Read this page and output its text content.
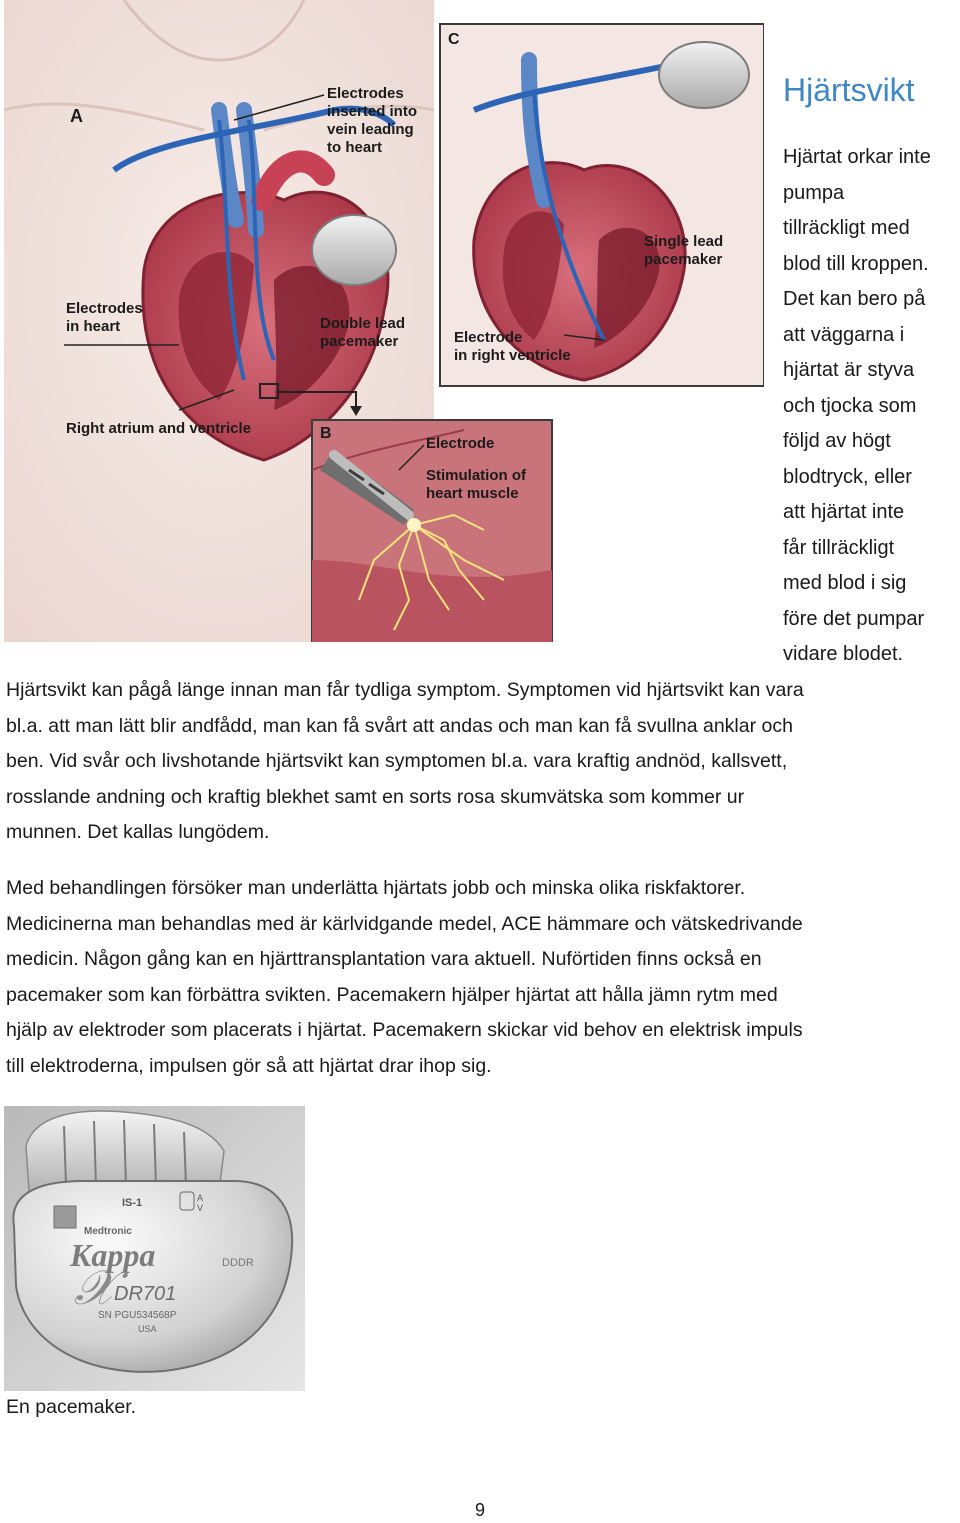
A
B
C
Electrodes
inserted into
vein leading
to heart
Electrodes
in heart	Double lead
pacemaker
Right atrium and ventricle
Single lead
pacemaker
Electrode
in right ventricle
Electrode
Stimulation of
heart muscle
Hjärtsvikt
Hjärtat orkar inte
pumpa
tillräckligt med
blod till kroppen.
Det kan bero på
att väggarna i
hjärtat är styva
och tjocka som
följd av högt
blodtryck, eller
att hjärtat inte
får tillräckligt
med blod i sig
före det pumpar
vidare blodet.

Hjärtsvikt kan pågå länge innan man får tydliga symptom. Symptomen vid hjärtsvikt kan vara
bl.a. att man lätt blir andfådd, man kan få svårt att andas och man kan få svullna anklar och
ben. Vid svår och livshotande hjärtsvikt kan symptomen bl.a. vara kraftig andnöd, kallsvett,
rosslande andning och kraftig blekhet samt en sorts rosa skumvätska som kommer ur
munnen. Det kallas lungödem.

Med behandlingen försöker man underlätta hjärtats jobb och minska olika riskfaktorer.
Medicinerna man behandlas med är kärlvidgande medel, ACE hämmare och vätskedrivande
medicin. Någon gång kan en hjärttransplantation vara aktuell. Nuförtiden finns också en
pacemaker som kan förbättra svikten. Pacemakern hjälper hjärtat att hålla jämn rytm med
hjälp av elektroder som placerats i hjärtat. Pacemakern skickar vid behov en elektrisk impuls
till elektroderna, impulsen gör så att hjärtat drar ihop sig.

IS-1
Medtronic
Kappa
𝒳
DR701
SN PGU534568P
USA
DDDR
A
V

En pacemaker.

9
